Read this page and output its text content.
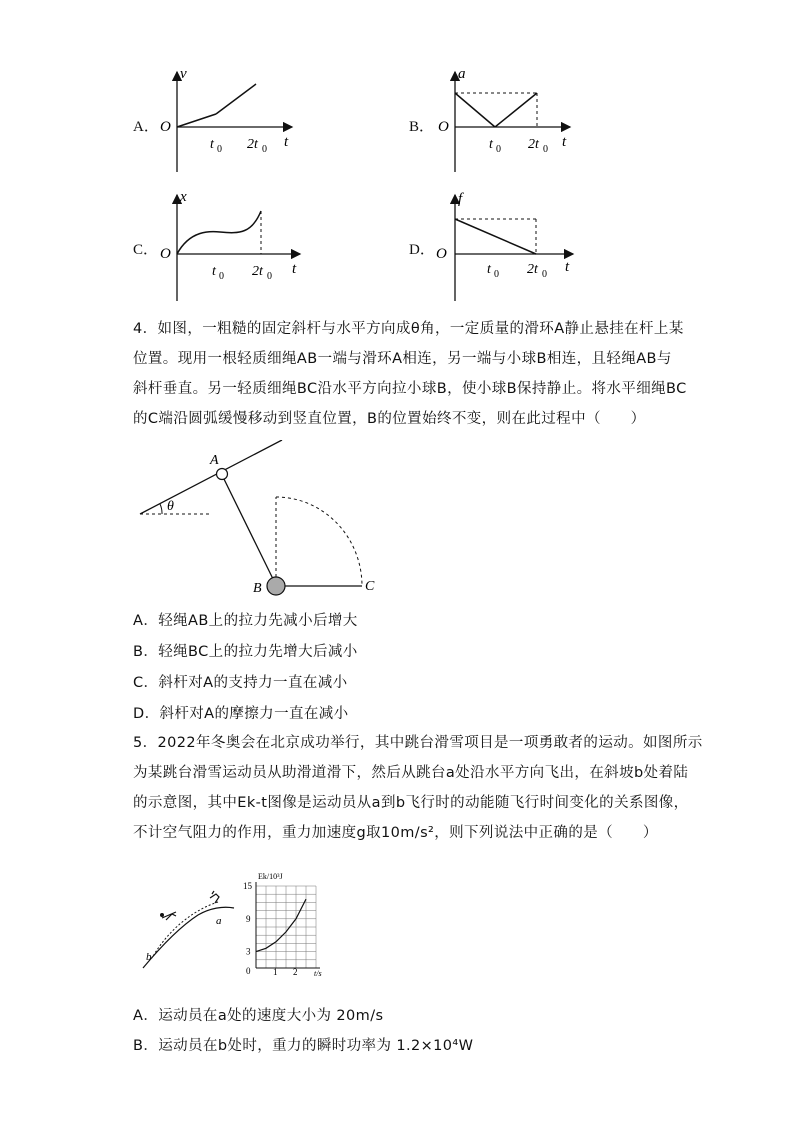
A．
v
O
t
t 0 2t 0
B．
a
O
t
t 0 2t 0
C．
x
O
t
t 0 2t 0
D．
f
O
t
t 0 2t 0
4．如图，一粗糙的固定斜杆与水平方向成θ角，一定质量的滑环A静止悬挂在杆上某
位置。现用一根轻质细绳AB一端与滑环A相连，另一端与小球B相连，且轻绳AB与
斜杆垂直。另一轻质细绳BC沿水平方向拉小球B，使小球B保持静止。将水平细绳BC
的C端沿圆弧缓慢移动到竖直位置，B的位置始终不变，则在此过程中（　　）
θ
A
B	C
A．轻绳AB上的拉力先减小后增大
B．轻绳BC上的拉力先增大后减小
C．斜杆对A的支持力一直在减小
D．斜杆对A的摩擦力一直在减小
5．2022年冬奥会在北京成功举行，其中跳台滑雪项目是一项勇敢者的运动。如图所示
为某跳台滑雪运动员从助滑道滑下，然后从跳台a处沿水平方向飞出，在斜坡b处着陆
的示意图，其中Ek-t图像是运动员从a到b飞行时的动能随飞行时间变化的关系图像，
不计空气阻力的作用，重力加速度g取10m/s²，则下列说法中正确的是（　　）
a
b
Ek/10³J
t/s
0
3
9
15
1 2
A．运动员在a处的速度大小为 20m/s
B．运动员在b处时，重力的瞬时功率为 1.2×10⁴W
